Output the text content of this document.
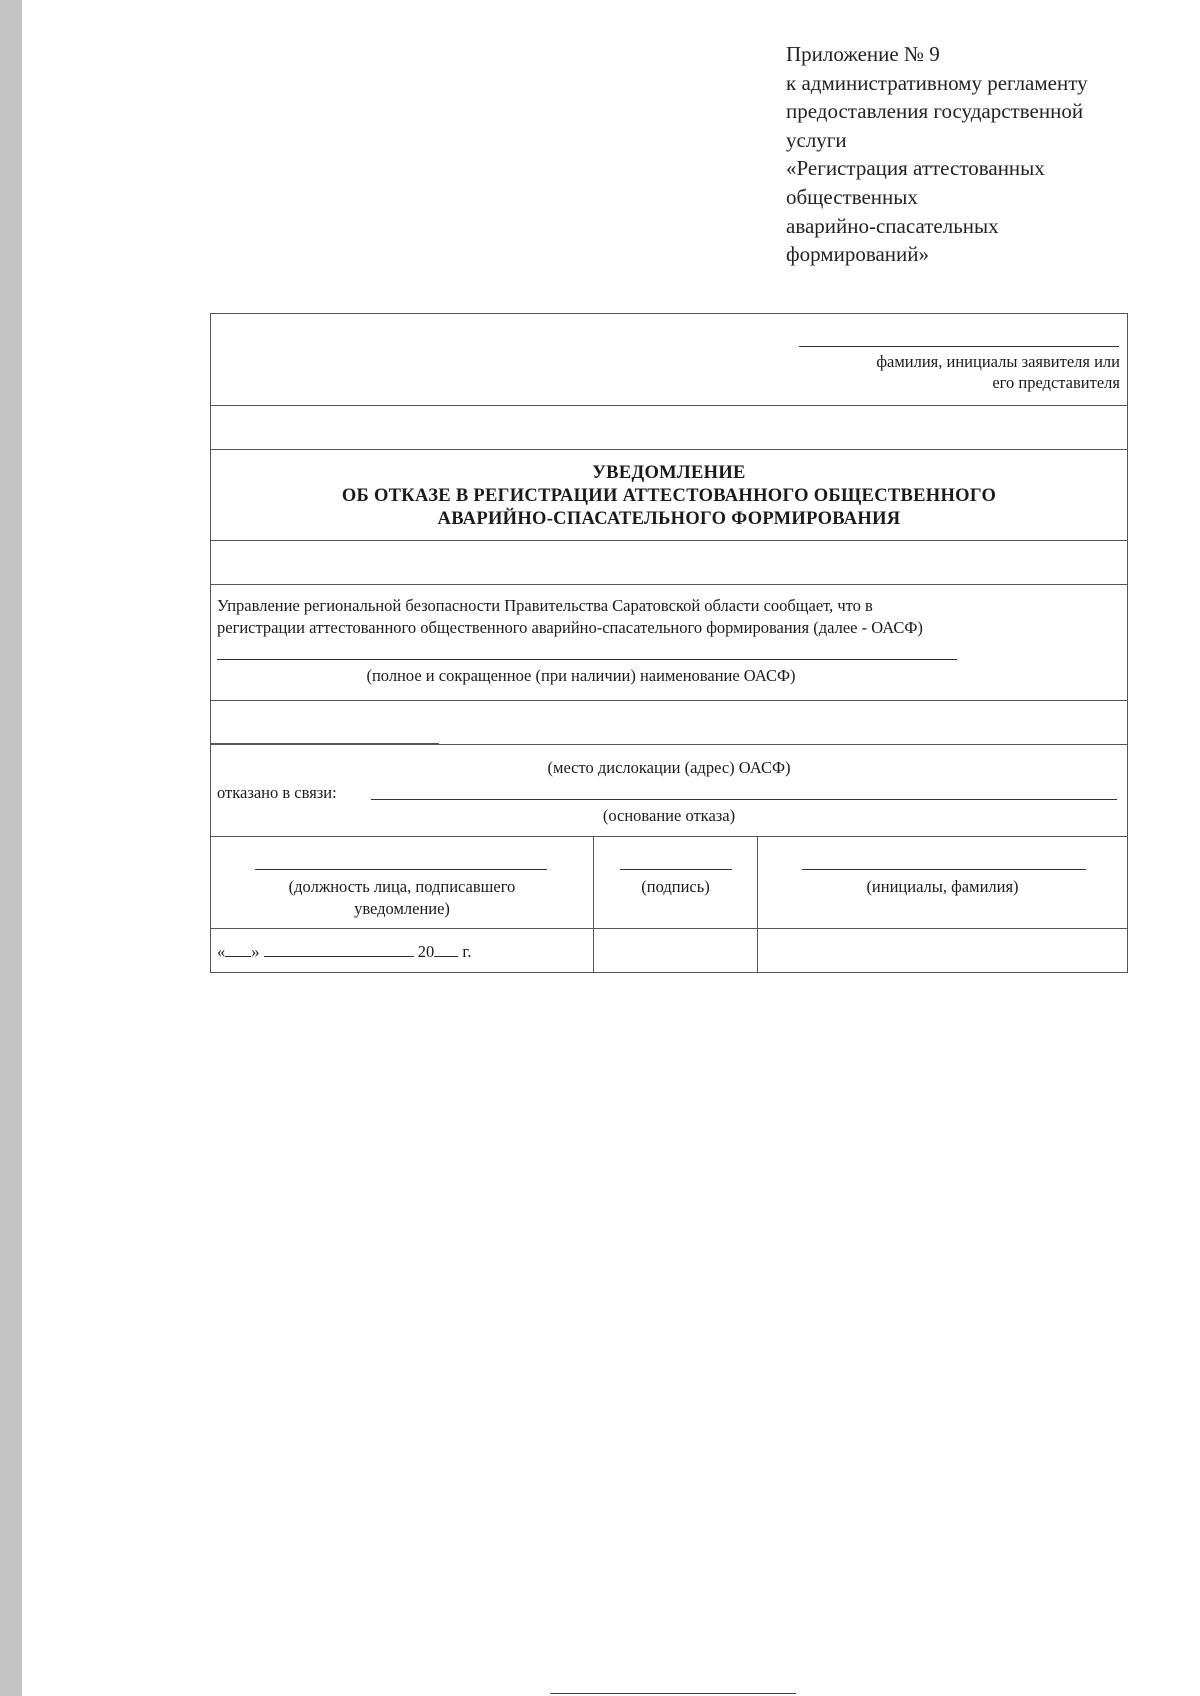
Приложение № 9
к административному регламенту
предоставления государственной
услуги
«Регистрация аттестованных
общественных
аварийно-спасательных
формирований»
фамилия, инициалы заявителя или
его представителя
УВЕДОМЛЕНИЕ
ОБ ОТКАЗЕ В РЕГИСТРАЦИИ АТТЕСТОВАННОГО ОБЩЕСТВЕННОГО
АВАРИЙНО-СПАСАТЕЛЬНОГО ФОРМИРОВАНИЯ
Управление региональной безопасности Правительства Саратовской области сообщает, что в
регистрации аттестованного общественного аварийно-спасательного формирования (далее - ОАСФ)
(полное и сокращенное (при наличии) наименование ОАСФ)
(место дислокации (адрес) ОАСФ)
отказано в связи:
(основание отказа)
(должность лица, подписавшего
уведомление)
(подпись)	(инициалы, фамилия)
« »	20 г.
